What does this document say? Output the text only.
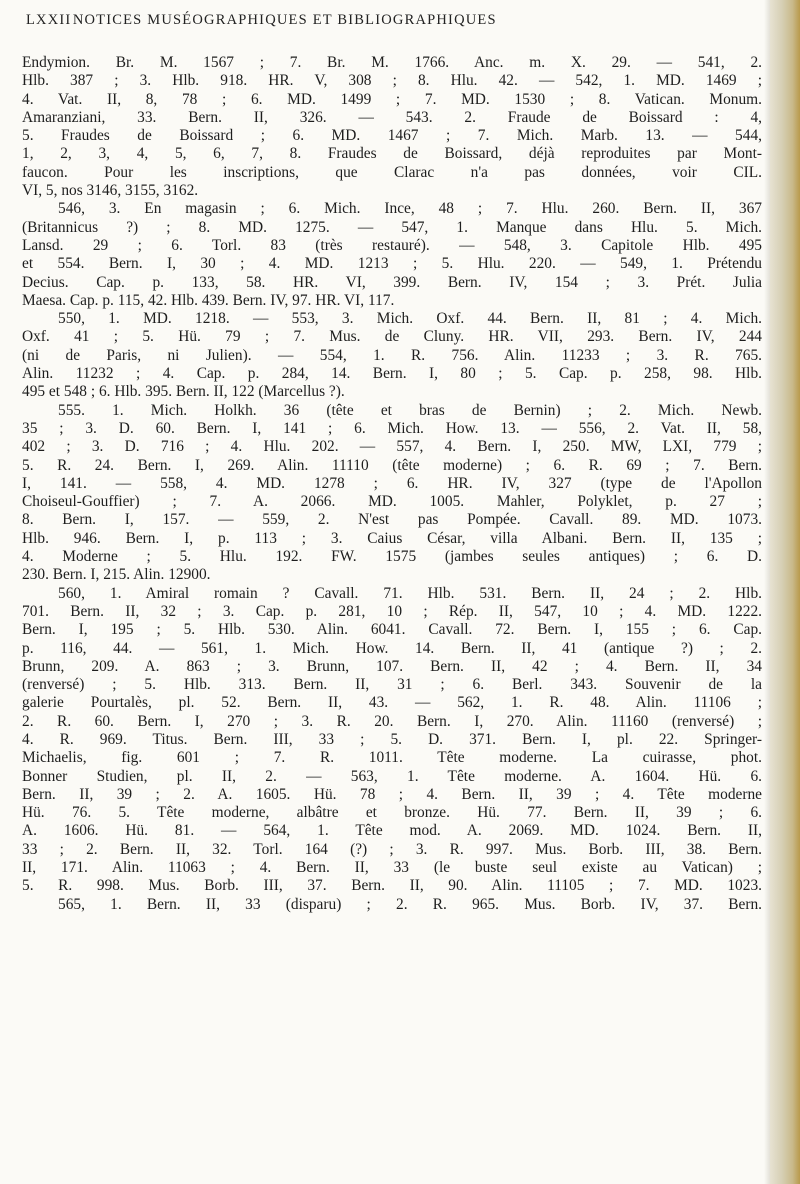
LXXII NOTICES MUSÉOGRAPHIQUES ET BIBLIOGRAPHIQUES
Endymion. Br. M. 1567 ; 7. Br. M. 1766. Anc. m. X. 29. — 541, 2.
Hlb. 387 ; 3. Hlb. 918. HR. V, 308 ; 8. Hlu. 42. — 542, 1. MD. 1469 ;
4. Vat. II, 8, 78 ; 6. MD. 1499 ; 7. MD. 1530 ; 8. Vatican. Monum.
Amaranziani, 33. Bern. II, 326. — 543. 2. Fraude de Boissard : 4,
5. Fraudes de Boissard ; 6. MD. 1467 ; 7. Mich. Marb. 13. — 544,
1, 2, 3, 4, 5, 6, 7, 8. Fraudes de Boissard, déjà reproduites par Mont-
faucon. Pour les inscriptions, que Clarac n'a pas données, voir CIL.
VI, 5, nos 3146, 3155, 3162.
546, 3. En magasin ; 6. Mich. Ince, 48 ; 7. Hlu. 260. Bern. II, 367
(Britannicus ?) ; 8. MD. 1275. — 547, 1. Manque dans Hlu. 5. Mich.
Lansd. 29 ; 6. Torl. 83 (très restauré). — 548, 3. Capitole Hlb. 495
et 554. Bern. I, 30 ; 4. MD. 1213 ; 5. Hlu. 220. — 549, 1. Prétendu
Decius. Cap. p. 133, 58. HR. VI, 399. Bern. IV, 154 ; 3. Prét. Julia
Maesa. Cap. p. 115, 42. Hlb. 439. Bern. IV, 97. HR. VI, 117.
550, 1. MD. 1218. — 553, 3. Mich. Oxf. 44. Bern. II, 81 ; 4. Mich.
Oxf. 41 ; 5. Hü. 79 ; 7. Mus. de Cluny. HR. VII, 293. Bern. IV, 244
(ni de Paris, ni Julien). — 554, 1. R. 756. Alin. 11233 ; 3. R. 765.
Alin. 11232 ; 4. Cap. p. 284, 14. Bern. I, 80 ; 5. Cap. p. 258, 98. Hlb.
495 et 548 ; 6. Hlb. 395. Bern. II, 122 (Marcellus ?).
555. 1. Mich. Holkh. 36 (tête et bras de Bernin) ; 2. Mich. Newb.
35 ; 3. D. 60. Bern. I, 141 ; 6. Mich. How. 13. — 556, 2. Vat. II, 58,
402 ; 3. D. 716 ; 4. Hlu. 202. — 557, 4. Bern. I, 250. MW, LXI, 779 ;
5. R. 24. Bern. I, 269. Alin. 11110 (tête moderne) ; 6. R. 69 ; 7. Bern.
I, 141. — 558, 4. MD. 1278 ; 6. HR. IV, 327 (type de l'Apollon
Choiseul-Gouffier) ; 7. A. 2066. MD. 1005. Mahler, Polyklet, p. 27 ;
8. Bern. I, 157. — 559, 2. N'est pas Pompée. Cavall. 89. MD. 1073.
Hlb. 946. Bern. I, p. 113 ; 3. Caius César, villa Albani. Bern. II, 135 ;
4. Moderne ; 5. Hlu. 192. FW. 1575 (jambes seules antiques) ; 6. D.
230. Bern. I, 215. Alin. 12900.
560, 1. Amiral romain ? Cavall. 71. Hlb. 531. Bern. II, 24 ; 2. Hlb.
701. Bern. II, 32 ; 3. Cap. p. 281, 10 ; Rép. II, 547, 10 ; 4. MD. 1222.
Bern. I, 195 ; 5. Hlb. 530. Alin. 6041. Cavall. 72. Bern. I, 155 ; 6. Cap.
p. 116, 44. — 561, 1. Mich. How. 14. Bern. II, 41 (antique ?) ; 2.
Brunn, 209. A. 863 ; 3. Brunn, 107. Bern. II, 42 ; 4. Bern. II, 34
(renversé) ; 5. Hlb. 313. Bern. II, 31 ; 6. Berl. 343. Souvenir de la
galerie Pourtalès, pl. 52. Bern. II, 43. — 562, 1. R. 48. Alin. 11106 ;
2. R. 60. Bern. I, 270 ; 3. R. 20. Bern. I, 270. Alin. 11160 (renversé) ;
4. R. 969. Titus. Bern. III, 33 ; 5. D. 371. Bern. I, pl. 22. Springer-
Michaelis, fig. 601 ; 7. R. 1011. Tête moderne. La cuirasse, phot.
Bonner Studien, pl. II, 2. — 563, 1. Tête moderne. A. 1604. Hü. 6.
Bern. II, 39 ; 2. A. 1605. Hü. 78 ; 4. Bern. II, 39 ; 4. Tête moderne
Hü. 76. 5. Tête moderne, albâtre et bronze. Hü. 77. Bern. II, 39 ; 6.
A. 1606. Hü. 81. — 564, 1. Tête mod. A. 2069. MD. 1024. Bern. II,
33 ; 2. Bern. II, 32. Torl. 164 (?) ; 3. R. 997. Mus. Borb. III, 38. Bern.
II, 171. Alin. 11063 ; 4. Bern. II, 33 (le buste seul existe au Vatican) ;
5. R. 998. Mus. Borb. III, 37. Bern. II, 90. Alin. 11105 ; 7. MD. 1023.
565, 1. Bern. II, 33 (disparu) ; 2. R. 965. Mus. Borb. IV, 37. Bern.
